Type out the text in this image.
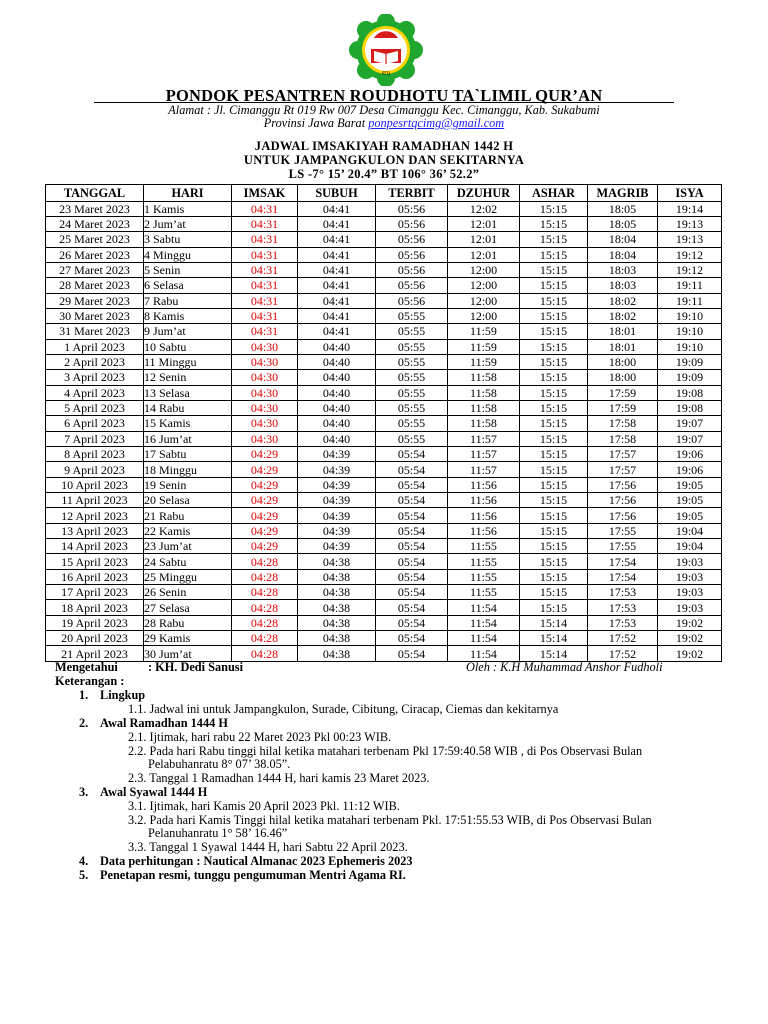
RTQ
PONDOK PESANTREN ROUDHOTU TA`LIMIL QUR’AN
Alamat : Jl. Cimanggu Rt 019 Rw 007 Desa Cimanggu Kec. Cimanggu, Kab. Sukabumi
Provinsi Jawa Barat ponpesrtqcimg@gmail.com
JADWAL IMSAKIYAH RAMADHAN 1442 H
UNTUK JAMPANGKULON DAN SEKITARNYA
LS -7° 15’ 20.4” BT 106° 36’ 52.2”
TANGGAL	HARI	IMSAK	SUBUH	TERBIT	DZUHUR	ASHAR	MAGRIB	ISYA
23 Maret 2023	1 Kamis	04:31	04:41	05:56	12:02	15:15	18:05	19:14
24 Maret 2023	2 Jum’at	04:31	04:41	05:56	12:01	15:15	18:05	19:13
25 Maret 2023	3 Sabtu	04:31	04:41	05:56	12:01	15:15	18:04	19:13
26 Maret 2023	4 Minggu	04:31	04:41	05:56	12:01	15:15	18:04	19:12
27 Maret 2023	5 Senin	04:31	04:41	05:56	12:00	15:15	18:03	19:12
28 Maret 2023	6 Selasa	04:31	04:41	05:56	12:00	15:15	18:03	19:11
29 Maret 2023	7 Rabu	04:31	04:41	05:56	12:00	15:15	18:02	19:11
30 Maret 2023	8 Kamis	04:31	04:41	05:55	12:00	15:15	18:02	19:10
31 Maret 2023	9 Jum’at	04:31	04:41	05:55	11:59	15:15	18:01	19:10
1 April 2023	10 Sabtu	04:30	04:40	05:55	11:59	15:15	18:01	19:10
2 April 2023	11 Minggu	04:30	04:40	05:55	11:59	15:15	18:00	19:09
3 April 2023	12 Senin	04:30	04:40	05:55	11:58	15:15	18:00	19:09
4 April 2023	13 Selasa	04:30	04:40	05:55	11:58	15:15	17:59	19:08
5 April 2023	14 Rabu	04:30	04:40	05:55	11:58	15:15	17:59	19:08
6 April 2023	15 Kamis	04:30	04:40	05:55	11:58	15:15	17:58	19:07
7 April 2023	16 Jum’at	04:30	04:40	05:55	11:57	15:15	17:58	19:07
8 April 2023	17 Sabtu	04:29	04:39	05:54	11:57	15:15	17:57	19:06
9 April 2023	18 Minggu	04:29	04:39	05:54	11:57	15:15	17:57	19:06
10 April 2023	19 Senin	04:29	04:39	05:54	11:56	15:15	17:56	19:05
11 April 2023	20 Selasa	04:29	04:39	05:54	11:56	15:15	17:56	19:05
12 April 2023	21 Rabu	04:29	04:39	05:54	11:56	15:15	17:56	19:05
13 April 2023	22 Kamis	04:29	04:39	05:54	11:56	15:15	17:55	19:04
14 April 2023	23 Jum’at	04:29	04:39	05:54	11:55	15:15	17:55	19:04
15 April 2023	24 Sabtu	04:28	04:38	05:54	11:55	15:15	17:54	19:03
16 April 2023	25 Minggu	04:28	04:38	05:54	11:55	15:15	17:54	19:03
17 April 2023	26 Senin	04:28	04:38	05:54	11:55	15:15	17:53	19:03
18 April 2023	27 Selasa	04:28	04:38	05:54	11:54	15:15	17:53	19:03
19 April 2023	28 Rabu	04:28	04:38	05:54	11:54	15:14	17:53	19:02
20 April 2023	29 Kamis	04:28	04:38	05:54	11:54	15:14	17:52	19:02
21 April 2023	30 Jum’at	04:28	04:38	05:54	11:54	15:14	17:52	19:02
Mengetahui : KH. Dedi Sanusi	Oleh : K.H Muhammad Anshor Fudholi
Keterangan :
1. Lingkup
1.1. Jadwal ini untuk Jampangkulon, Surade, Cibitung, Ciracap, Ciemas dan kekitarnya
2. Awal Ramadhan 1444 H
2.1. Ijtimak, hari rabu 22 Maret 2023 Pkl 00:23 WIB.
2.2. Pada hari Rabu tinggi hilal ketika matahari terbenam Pkl 17:59:40.58 WIB , di Pos Observasi Bulan
Pelabuhanratu 8° 07’ 38.05”.
2.3. Tanggal 1 Ramadhan 1444 H, hari kamis 23 Maret 2023.
3. Awal Syawal 1444 H
3.1. Ijtimak, hari Kamis 20 April 2023 Pkl. 11:12 WIB.
3.2. Pada hari Kamis Tinggi hilal ketika matahari terbenam Pkl. 17:51:55.53 WIB, di Pos Observasi Bulan
Pelanuhanratu 1° 58’ 16.46”
3.3. Tanggal 1 Syawal 1444 H, hari Sabtu 22 April 2023.
4. Data perhitungan : Nautical Almanac 2023 Ephemeris 2023
5. Penetapan resmi, tunggu pengumuman Mentri Agama RI.
